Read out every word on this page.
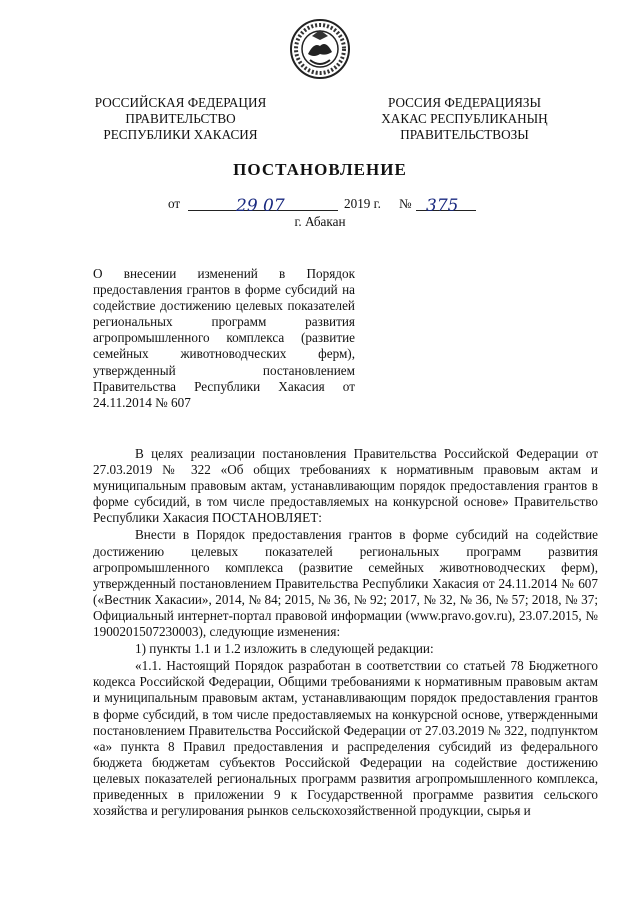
РОССИЙСКАЯ ФЕДЕРАЦИЯ
ПРАВИТЕЛЬСТВО
РЕСПУБЛИКИ ХАКАСИЯ
РОССИЯ ФЕДЕРАЦИЯЗЫ
ХАКАС РЕСПУБЛИКАНЫҢ
ПРАВИТЕЛЬСТВОЗЫ
ПОСТАНОВЛЕНИЕ
от	29 07	2019 г. № 375
г. Абакан
О внесении изменений в Порядок предоставления грантов в форме субсидий на содействие достижению целевых показателей региональных программ развития агропромышленного комплекса (развитие семейных животноводческих ферм), утвержденный постановлением Правительства Республики Хакасия от 24.11.2014 № 607

В целях реализации постановления Правительства Российской Федерации от 27.03.2019 № 322 «Об общих требованиях к нормативным правовым актам и муниципальным правовым актам, устанавливающим порядок предоставления грантов в форме субсидий, в том числе предоставляемых на конкурсной основе» Правительство Республики Хакасия ПОСТАНОВЛЯЕТ:

Внести в Порядок предоставления грантов в форме субсидий на содействие достижению целевых показателей региональных программ развития агропромышленного комплекса (развитие семейных животноводческих ферм), утвержденный постановлением Правительства Республики Хакасия от 24.11.2014 № 607 («Вестник Хакасии», 2014, № 84; 2015, № 36, № 92; 2017, № 32, № 36, № 57; 2018, № 37; Официальный интернет-портал правовой информации (www.pravo.gov.ru), 23.07.2015, № 1900201507230003), следующие изменения:

1) пункты 1.1 и 1.2 изложить в следующей редакции:

«1.1. Настоящий Порядок разработан в соответствии со статьей 78 Бюджетного кодекса Российской Федерации, Общими требованиями к нормативным правовым актам и муниципальным правовым актам, устанавливающим порядок предоставления грантов в форме субсидий, в том числе предоставляемых на конкурсной основе, утвержденными постановлением Правительства Российской Федерации от 27.03.2019 № 322, подпунктом «а» пункта 8 Правил предоставления и распределения субсидий из федерального бюджета бюджетам субъектов Российской Федерации на содействие достижению целевых показателей региональных программ развития агропромышленного комплекса, приведенных в приложении 9 к Государственной программе развития сельского хозяйства и регулирования рынков сельскохозяйственной продукции, сырья и
